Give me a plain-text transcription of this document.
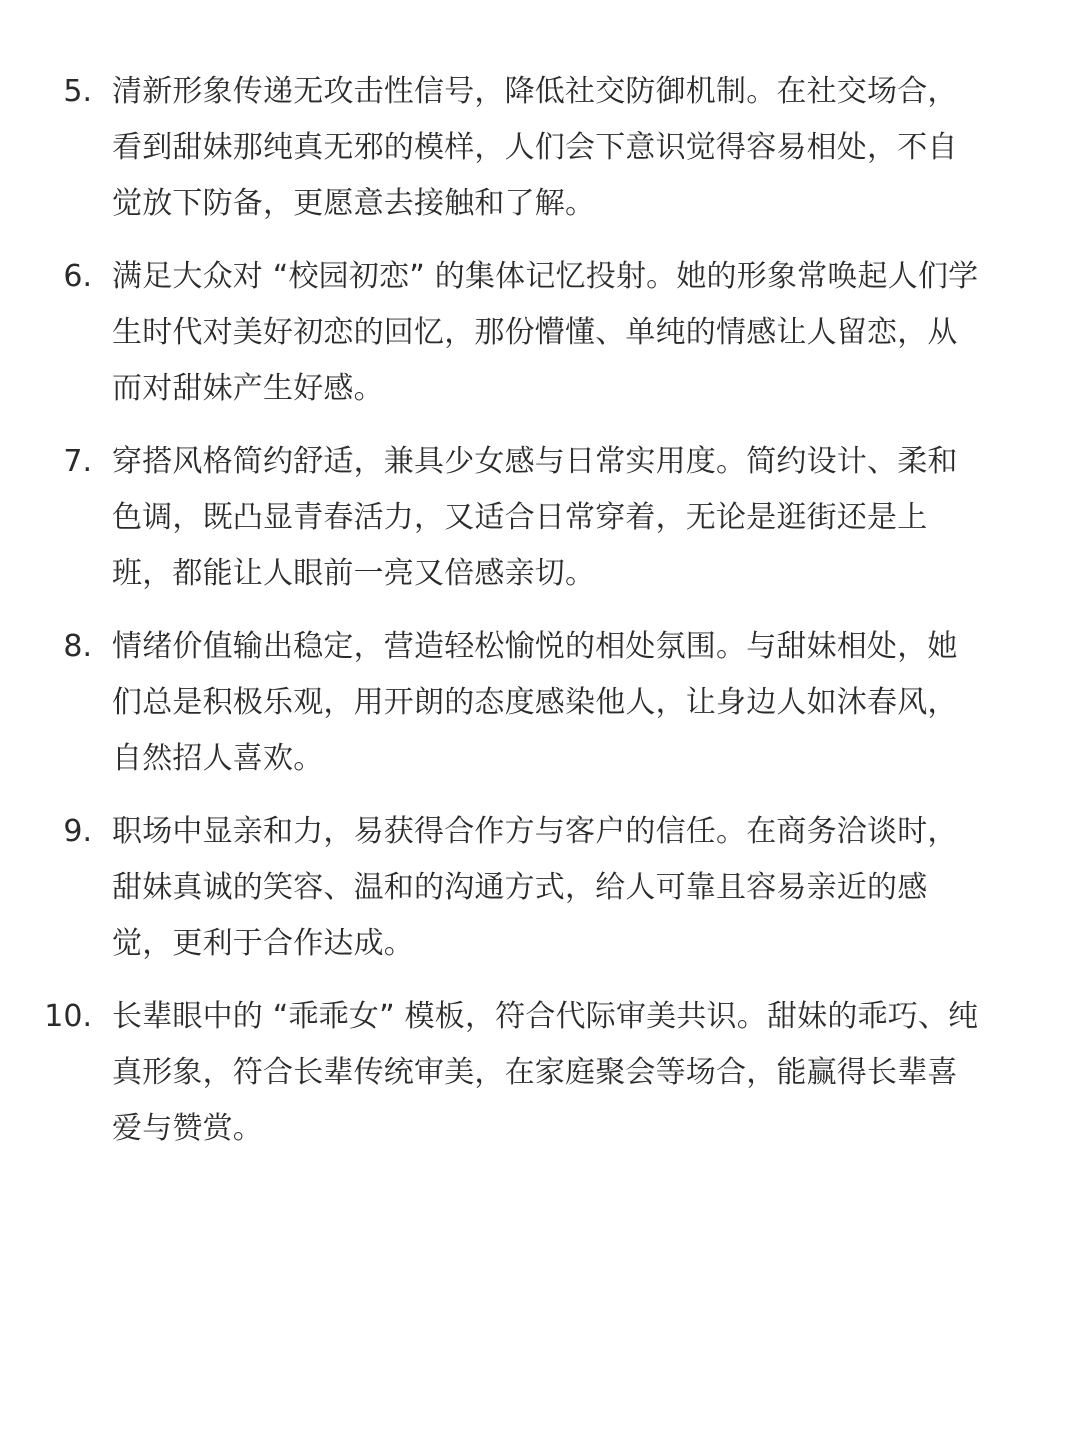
5. 清新形象传递无攻击性信号，降低社交防御机制。在社交场合，
看到甜妹那纯真无邪的模样，人们会下意识觉得容易相处，不自
觉放下防备，更愿意去接触和了解。
6. 满足大众对 “校园初恋” 的集体记忆投射。她的形象常唤起人们学
生时代对美好初恋的回忆，那份懵懂、单纯的情感让人留恋，从
而对甜妹产生好感。
7. 穿搭风格简约舒适，兼具少女感与日常实用度。简约设计、柔和
色调，既凸显青春活力，又适合日常穿着，无论是逛街还是上
班，都能让人眼前一亮又倍感亲切。
8. 情绪价值输出稳定，营造轻松愉悦的相处氛围。与甜妹相处，她
们总是积极乐观，用开朗的态度感染他人，让身边人如沐春风，
自然招人喜欢。
9. 职场中显亲和力，易获得合作方与客户的信任。在商务洽谈时，
甜妹真诚的笑容、温和的沟通方式，给人可靠且容易亲近的感
觉，更利于合作达成。
10. 长辈眼中的 “乖乖女” 模板，符合代际审美共识。甜妹的乖巧、纯
真形象，符合长辈传统审美，在家庭聚会等场合，能赢得长辈喜
爱与赞赏。
